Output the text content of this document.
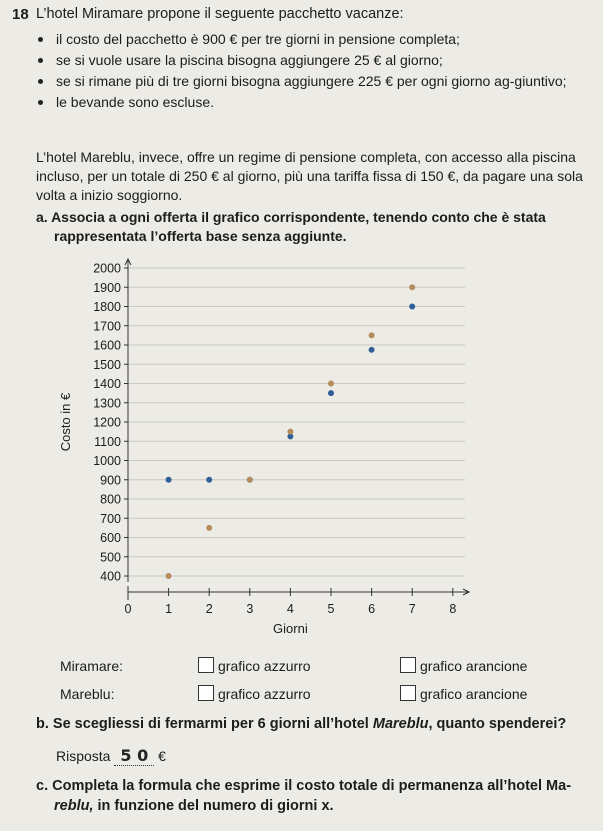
18 L’hotel Miramare propone il seguente pacchetto vacanze:
il costo del pacchetto è 900 € per tre giorni in pensione completa;
se si vuole usare la piscina bisogna aggiungere 25 € al giorno;
se si rimane più di tre giorni bisogna aggiungere 225 € per ogni giorno ag-giuntivo;
le bevande sono escluse.
L’hotel Mareblu, invece, offre un regime di pensione completa, con accesso alla piscina incluso, per un totale di 250 € al giorno, più una tariffa fissa di 150 €, da pagare una sola volta a inizio soggiorno.
a. Associa a ogni offerta il grafico corrispondente, tenendo conto che è stata
rappresentata l’offerta base senza aggiunte.
400
500
600
700
800
900
1000
1100
1200
1300
1400
1500
1600
1700
1800
1900
2000
0	1	2	3	4	5	6	7	8
Giorni
Costo in €
Miramare:	grafico azzurro	grafico arancione
Mareblu:	grafico azzurro	grafico arancione
b. Se scegliessi di fermarmi per 6 giorni all’hotel Mareblu, quanto spenderei?
Risposta 5 0 €
c. Completa la formula che esprime il costo totale di permanenza all’hotel Ma-
reblu, in funzione del numero di giorni x.
